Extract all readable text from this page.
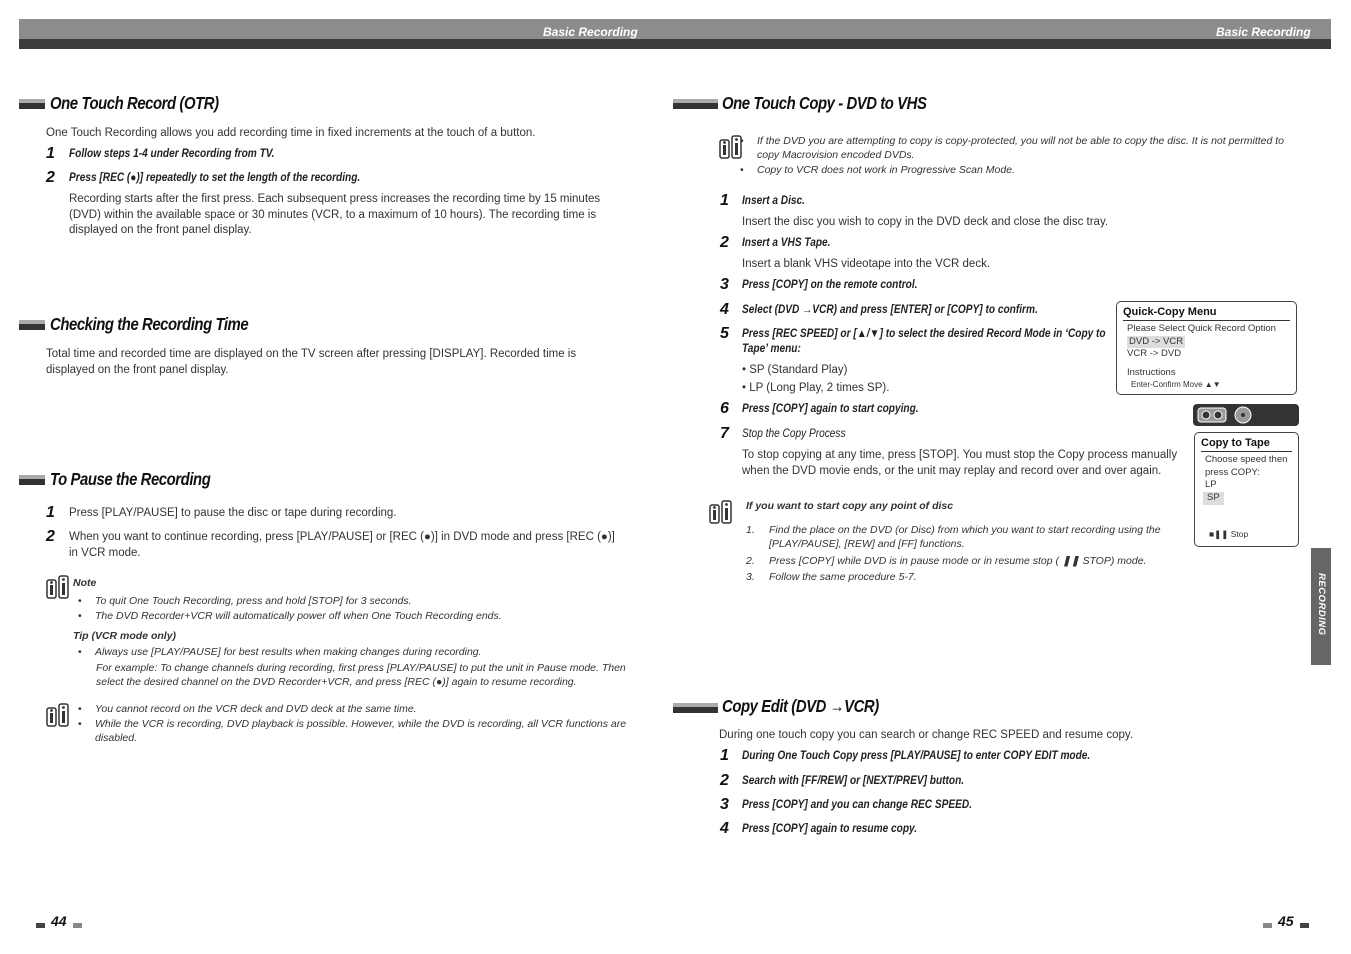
Basic Recording	Basic Recording
One Touch Record (OTR)
One Touch Recording allows you add recording time in fixed increments at the touch of a button.
1 Follow steps 1-4 under Recording from TV.
2 Press [REC (●)] repeatedly to set the length of the recording.
Recording starts after the first press. Each subsequent press increases the recording time by 15 minutes (DVD) within the available space or 30 minutes (VCR, to a maximum of 10 hours). The recording time is displayed on the front panel display.
Checking the Recording Time
Total time and recorded time are displayed on the TV screen after pressing [DISPLAY]. Recorded time is displayed on the front panel display.
To Pause the Recording
1 Press [PLAY/PAUSE] to pause the disc or tape during recording.
2 When you want to continue recording, press [PLAY/PAUSE] or [REC (●)] in DVD mode and press [REC (●)] in VCR mode.
Note
• To quit One Touch Recording, press and hold [STOP] for 3 seconds.
• The DVD Recorder+VCR will automatically power off when One Touch Recording ends.
Tip (VCR mode only)
• Always use [PLAY/PAUSE] for best results when making changes during recording.
For example: To change channels during recording, first press [PLAY/PAUSE] to put the unit in Pause mode. Then select the desired channel on the DVD Recorder+VCR, and press [REC (●)] again to resume recording.
• You cannot record on the VCR deck and DVD deck at the same time.
• While the VCR is recording, DVD playback is possible. However, while the DVD is recording, all VCR functions are disabled.
44
One Touch Copy - DVD to VHS
• If the DVD you are attempting to copy is copy-protected, you will not be able to copy the disc. It is not permitted to copy Macrovision encoded DVDs.
• Copy to VCR does not work in Progressive Scan Mode.
1 Insert a Disc.
Insert the disc you wish to copy in the DVD deck and close the disc tray.
2 Insert a VHS Tape.
Insert a blank VHS videotape into the VCR deck.
3 Press [COPY] on the remote control.
4 Select (DVD →VCR) and press [ENTER] or [COPY] to confirm.
5 Press [REC SPEED] or [▲/▼] to select the desired Record Mode in ‘Copy to
Tape’ menu:
• SP (Standard Play)
• LP (Long Play, 2 times SP).
6 Press [COPY] again to start copying.
7 Stop the Copy Process
To stop copying at any time, press [STOP]. You must stop the Copy process manually when the DVD movie ends, or the unit may replay and record over and over again.
If you want to start copy any point of disc
1. Find the place on the DVD (or Disc) from which you want to start recording using the [PLAY/PAUSE], [REW] and [FF] functions.
2. Press [COPY] while DVD is in pause mode or in resume stop ( ❚❚ STOP) mode.
3. Follow the same procedure 5-7.
Quick-Copy Menu
Please Select Quick Record Option
DVD -> VCR
VCR -> DVD
Instructions
Enter-Confirm Move ▲▼
Copy to Tape
Choose speed then
press COPY:
LP
SP
■❚❚ Stop
Copy Edit (DVD →VCR)
During one touch copy you can search or change REC SPEED and resume copy.
1 During One Touch Copy press [PLAY/PAUSE] to enter COPY EDIT mode.
2 Search with [FF/REW] or [NEXT/PREV] button.
3 Press [COPY] and you can change REC SPEED.
4 Press [COPY] again to resume copy.
RECORDING
45
